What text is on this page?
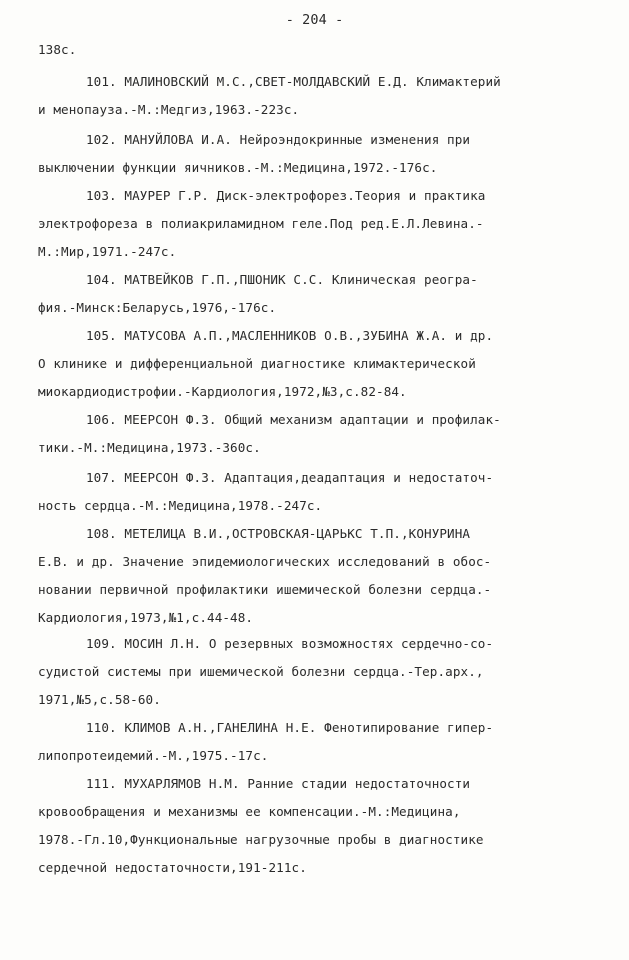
- 204 -
138с.
101. МАЛИНОВСКИЙ М.С.,СВЕТ-МОЛДАВСКИЙ Е.Д. Климактерий
и менопауза.-М.:Медгиз,1963.-223с.
102. МАНУЙЛОВА И.А. Нейроэндокринные изменения при
выключении функции яичников.-М.:Медицина,1972.-176с.
103. МАУРЕР Г.Р. Диск-электрофорез.Теория и практика
электрофореза в полиакриламидном геле.Под ред.Е.Л.Левина.-
М.:Мир,1971.-247с.
104. МАТВЕЙКОВ Г.П.,ПШОНИК С.С. Клиническая реогра-
фия.-Минск:Беларусь,1976,-176с.
105. МАТУСОВА А.П.,МАСЛЕННИКОВ О.В.,ЗУБИНА Ж.А. и др.
О клинике и дифференциальной диагностике климактерической
миокардиодистрофии.-Кардиология,1972,№3,с.82-84.
106. МЕЕРСОН Ф.З. Общий механизм адаптации и профилак-
тики.-М.:Медицина,1973.-360с.
107. МЕЕРСОН Ф.З. Адаптация,деадаптация и недостаточ-
ность сердца.-М.:Медицина,1978.-247с.
108. МЕТЕЛИЦА В.И.,ОСТРОВСКАЯ-ЦАРЬКС Т.П.,КОНУРИНА
Е.В. и др. Значение эпидемиологических исследований в обос-
новании первичной профилактики ишемической болезни сердца.-
Кардиология,1973,№1,с.44-48.
109. МОСИН Л.Н. О резервных возможностях сердечно-со-
судистой системы при ишемической болезни сердца.-Тер.арх.,
1971,№5,с.58-60.
110. КЛИМОВ А.Н.,ГАНЕЛИНА Н.Е. Фенотипирование гипер-
липопротеидемий.-М.,1975.-17с.
111. МУХАРЛЯМОВ Н.М. Ранние стадии недостаточности
кровообращения и механизмы ее компенсации.-М.:Медицина,
1978.-Гл.10,Функциональные нагрузочные пробы в диагностике
сердечной недостаточности,191-211с.
